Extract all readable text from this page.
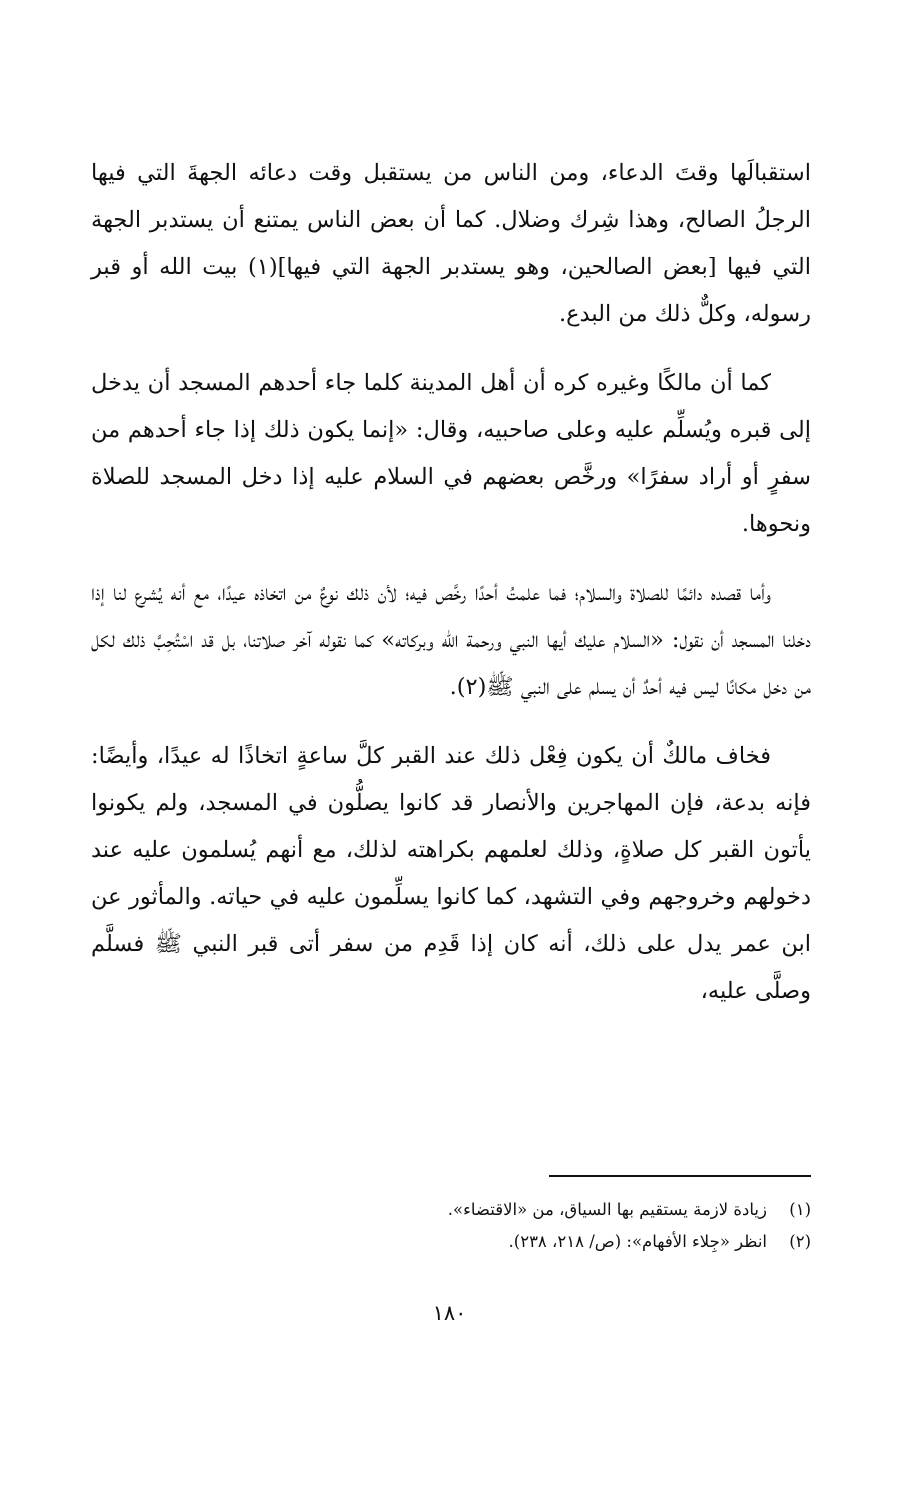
استقبالَها وقتَ الدعاء، ومن الناس من يستقبل وقت دعائه الجهةَ التي فيها الرجلُ الصالح، وهذا شِرك وضلال. كما أن بعض الناس يمتنع أن يستدبر الجهة التي فيها [بعض الصالحين، وهو يستدبر الجهة التي فيها](١) بيت الله أو قبر رسوله، وكلٌّ ذلك من البدع.

كما أن مالكًا وغيره كره أن أهل المدينة كلما جاء أحدهم المسجد أن يدخل إلى قبره ويُسلِّم عليه وعلى صاحبيه، وقال: «إنما يكون ذلك إذا جاء أحدهم من سفرٍ أو أراد سفرًا» ورخَّص بعضهم في السلام عليه إذا دخل المسجد للصلاة ونحوها.

وأما قصده دائمًا للصلاة والسلام؛ فما علمتُ أحدًا رخَّص فيه؛ لأن ذلك نوعٌ من اتخاذه عيدًا، مع أنه يُشرع لنا إذا دخلنا المسجد أن نقول: «السلام عليك أيها النبي ورحمة الله وبركاته» كما نقوله آخر صلاتنا، بل قد اسْتُحِبَّ ذلك لكل من دخل مكانًا ليس فيه أحدٌ أن يسلم على النبي ﷺ(٢).

فخاف مالكٌ أن يكون فِعْل ذلك عند القبر كلَّ ساعةٍ اتخاذًا له عيدًا، وأيضًا: فإنه بدعة، فإن المهاجرين والأنصار قد كانوا يصلُّون في المسجد، ولم يكونوا يأتون القبر كل صلاةٍ، وذلك لعلمهم بكراهته لذلك، مع أنهم يُسلمون عليه عند دخولهم وخروجهم وفي التشهد، كما كانوا يسلِّمون عليه في حياته. والمأثور عن ابن عمر يدل على ذلك، أنه كان إذا قَدِم من سفر أتى قبر النبي ﷺ فسلَّم وصلَّى عليه،

(١)
زيادة لازمة يستقيم بها السياق، من «الاقتضاء».

(٢)
انظر «جِلاء الأفهام»: (ص/ ٢١٨، ٢٣٨).

١٨٠
